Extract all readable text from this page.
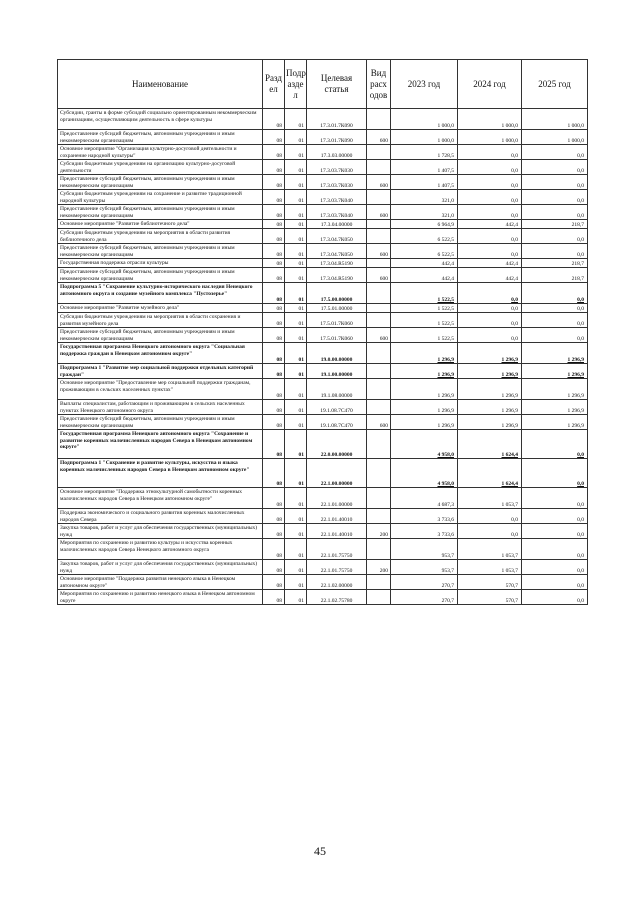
Наименование	Разд ел	Подр азде л	Целевая статья	Вид расх одов	2023 год	2024 год	2025 год
Субсидии, гранты в форме субсидий социально ориентированным некоммерческим организациям, осуществляющим деятельность в сфере культуры	08	01	17.3.01.7К090		1 000,0	1 000,0	1 000,0
Предоставление субсидий бюджетным, автономным учреждениям и иным некоммерческим организациям	08	01	17.3.01.7К090	600	1 000,0	1 000,0	1 000,0
Основное мероприятие "Организация культурно-досуговой деятельности и сохранение народной культуры"	08	01	17.3.03.00000		1 728,5	0,0	0,0
Субсидии бюджетным учреждениям на организацию культурно-досуговой деятельности	08	01	17.3.03.7К030		1 407,5	0,0	0,0
Предоставление субсидий бюджетным, автономным учреждениям и иным некоммерческим организациям	08	01	17.3.03.7К030	600	1 407,5	0,0	0,0
Субсидии бюджетным учреждениям на сохранение и развитие традиционной народной культуры	08	01	17.3.03.7К040		321,0	0,0	0,0
Предоставление субсидий бюджетным, автономным учреждениям и иным некоммерческим организациям	08	01	17.3.03.7К040	600	321,0	0,0	0,0
Основное мероприятие "Развитие библиотечного дела"	08	01	17.3.04.00000		6 964,9	442,4	218,7
Субсидии бюджетным учреждениям на мероприятия в области развития библиотечного дела	08	01	17.3.04.7К050		6 522,5	0,0	0,0
Предоставление субсидий бюджетным, автономным учреждениям и иным некоммерческим организациям	08	01	17.3.04.7К050	600	6 522,5	0,0	0,0
Государственная поддержка отрасли культуры	08	01	17.3.04.R5190		442,4	442,4	218,7
Предоставление субсидий бюджетным, автономным учреждениям и иным некоммерческим организациям	08	01	17.3.04.R5190	600	442,4	442,4	218,7
Подпрограмма 5 "Сохранение культурно-исторического наследия Ненецкого автономного округа и создание музейного комплекса "Пустозерье"	08	01	17.5.00.00000		1 522,5	0,0	0,0
Основное мероприятие "Развитие музейного дела"	08	01	17.5.01.00000		1 522,5	0,0	0,0
Субсидии бюджетным учреждениям на мероприятия в области сохранения и развития музейного дела	08	01	17.5.01.7К060		1 522,5	0,0	0,0
Предоставление субсидий бюджетным, автономным учреждениям и иным некоммерческим организациям	08	01	17.5.01.7К060	600	1 522,5	0,0	0,0
Государственная программа Ненецкого автономного округа "Социальная поддержка граждан в Ненецком автономном округе"	08	01	19.0.00.00000		1 296,9	1 296,9	1 296,9
Подпрограмма 1 "Развитие мер социальной поддержки отдельных категорий граждан"	08	01	19.1.00.00000		1 296,9	1 296,9	1 296,9
Основное мероприятие "Предоставление мер социальной поддержки гражданам, проживающим в сельских населенных пунктах"	08	01	19.1.08.00000		1 296,9	1 296,9	1 296,9
Выплаты специалистам, работающим и проживающим в сельских населенных пунктах Ненецкого автономного округа	08	01	19.1.08.7С470		1 296,9	1 296,9	1 296,9
Предоставление субсидий бюджетным, автономным учреждениям и иным некоммерческим организациям	08	01	19.1.08.7С470	600	1 296,9	1 296,9	1 296,9
Государственная программа Ненецкого автономного округа "Сохранение и развитие коренных малочисленных народов Севера в Ненецком автономном округе"	08	01	22.0.00.00000		4 958,0	1 624,4	0,0
Подпрограмма 1 "Сохранение и развитие культуры, искусства и языка коренных малочисленных народов Севера в Ненецком автономном округе"	08	01	22.1.00.00000		4 958,0	1 624,4	0,0
Основное мероприятие "Поддержка этнокультурной самобытности коренных малочисленных народов Севера в Ненецком автономном округе"	08	01	22.1.01.00000		4 687,3	1 053,7	0,0
Поддержка экономического и социального развития коренных малочисленных народов Севера	08	01	22.1.01.40010		3 733,6	0,0	0,0
Закупка товаров, работ и услуг для обеспечения государственных (муниципальных) нужд	08	01	22.1.01.40010	200	3 733,6	0,0	0,0
Мероприятия по сохранению и развитию культуры и искусства коренных малочисленных народов Севера Ненецкого автономного округа	08	01	22.1.01.75750		953,7	1 053,7	0,0
Закупка товаров, работ и услуг для обеспечения государственных (муниципальных) нужд	08	01	22.1.01.75750	200	953,7	1 053,7	0,0
Основное мероприятие "Поддержка развития ненецкого языка в Ненецком автономном округе"	08	01	22.1.02.00000		270,7	570,7	0,0
Мероприятия по сохранению и развитию ненецкого языка в Ненецком автономном округе	08	01	22.1.02.75780		270,7	570,7	0,0
45
